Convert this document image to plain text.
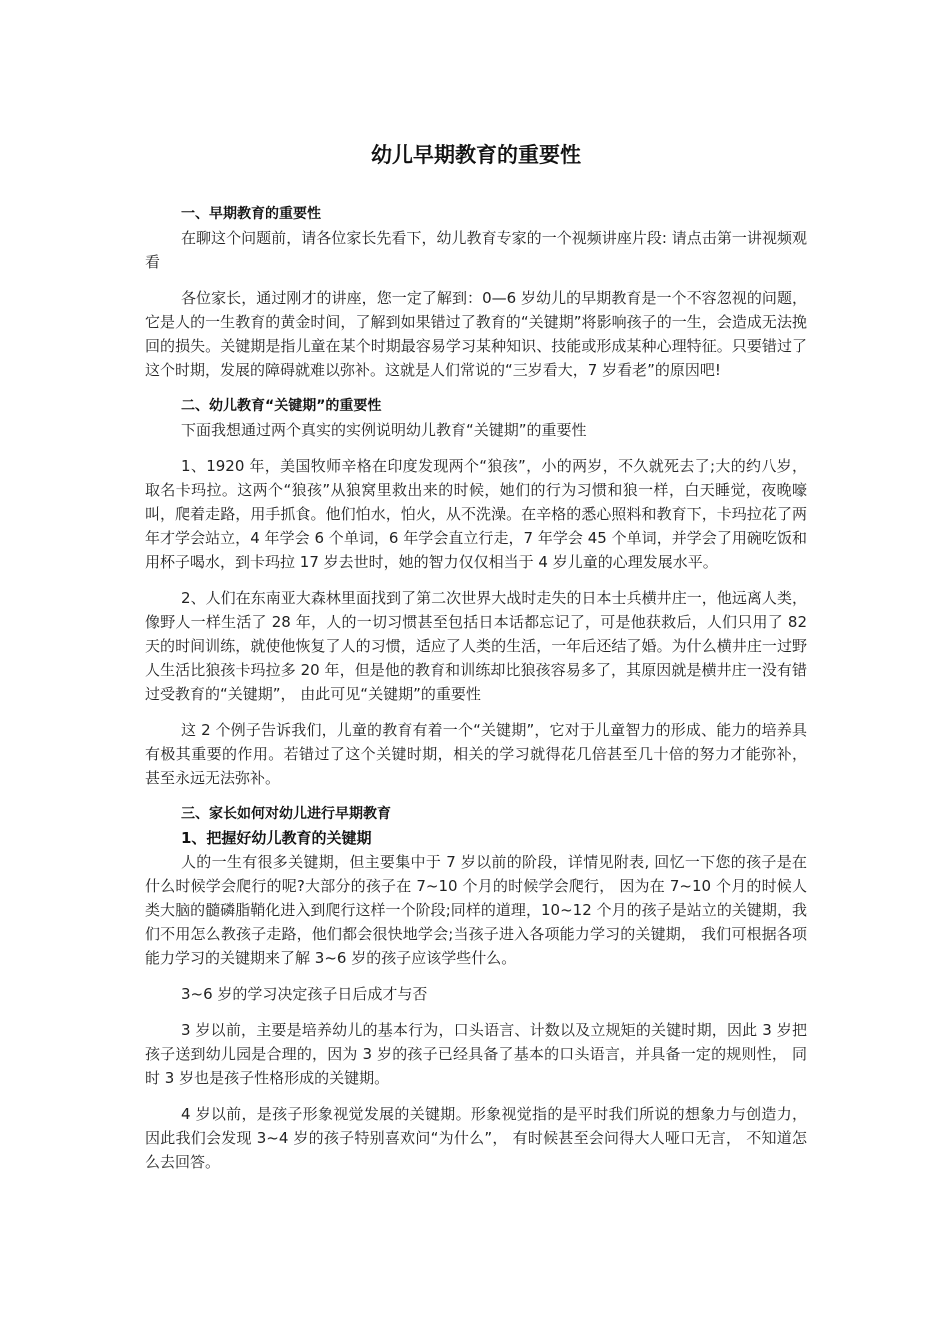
幼儿早期教育的重要性

一、早期教育的重要性

在聊这个问题前，请各位家长先看下，幼儿教育专家的一个视频讲座片段: 请点击第一讲视频观看

各位家长，通过刚才的讲座，您一定了解到：0—6 岁幼儿的早期教育是一个不容忽视的问题，它是人的一生教育的黄金时间，了解到如果错过了教育的“关键期”将影响孩子的一生，会造成无法挽回的损失。关键期是指儿童在某个时期最容易学习某种知识、技能或形成某种心理特征。只要错过了这个时期，发展的障碍就难以弥补。这就是人们常说的“三岁看大，7 岁看老”的原因吧!

二、幼儿教育“关键期”的重要性

下面我想通过两个真实的实例说明幼儿教育“关键期”的重要性

1、1920 年，美国牧师辛格在印度发现两个“狼孩”，小的两岁，不久就死去了;大的约八岁，取名卡玛拉。这两个“狼孩”从狼窝里救出来的时候，她们的行为习惯和狼一样，白天睡觉，夜晚嚎叫，爬着走路，用手抓食。他们怕水，怕火，从不洗澡。在辛格的悉心照料和教育下，卡玛拉花了两年才学会站立，4 年学会 6 个单词，6 年学会直立行走，7 年学会 45 个单词，并学会了用碗吃饭和用杯子喝水，到卡玛拉 17 岁去世时，她的智力仅仅相当于 4 岁儿童的心理发展水平。

2、人们在东南亚大森林里面找到了第二次世界大战时走失的日本士兵横井庄一，他远离人类，像野人一样生活了 28 年，人的一切习惯甚至包括日本话都忘记了，可是他获救后，人们只用了 82 天的时间训练，就使他恢复了人的习惯，适应了人类的生活，一年后还结了婚。为什么横井庄一过野人生活比狼孩卡玛拉多 20 年，但是他的教育和训练却比狼孩容易多了，其原因就是横井庄一没有错过受教育的“关键期”， 由此可见“关键期”的重要性

这 2 个例子告诉我们，儿童的教育有着一个“关键期”，它对于儿童智力的形成、能力的培养具有极其重要的作用。若错过了这个关键时期，相关的学习就得花几倍甚至几十倍的努力才能弥补， 甚至永远无法弥补。

三、家长如何对幼儿进行早期教育

1、把握好幼儿教育的关键期

人的一生有很多关键期，但主要集中于 7 岁以前的阶段，详情见附表, 回忆一下您的孩子是在什么时候学会爬行的呢?大部分的孩子在 7~10 个月的时候学会爬行， 因为在 7~10 个月的时候人类大脑的髓磷脂鞘化进入到爬行这样一个阶段;同样的道理，10~12 个月的孩子是站立的关键期，我们不用怎么教孩子走路，他们都会很快地学会;当孩子进入各项能力学习的关键期， 我们可根据各项能力学习的关键期来了解 3~6 岁的孩子应该学些什么。

3~6 岁的学习决定孩子日后成才与否

3 岁以前，主要是培养幼儿的基本行为，口头语言、计数以及立规矩的关键时期，因此 3 岁把孩子送到幼儿园是合理的，因为 3 岁的孩子已经具备了基本的口头语言，并具备一定的规则性， 同时 3 岁也是孩子性格形成的关键期。

4 岁以前，是孩子形象视觉发展的关键期。形象视觉指的是平时我们所说的想象力与创造力， 因此我们会发现 3~4 岁的孩子特别喜欢问“为什么”， 有时候甚至会问得大人哑口无言， 不知道怎么去回答。
